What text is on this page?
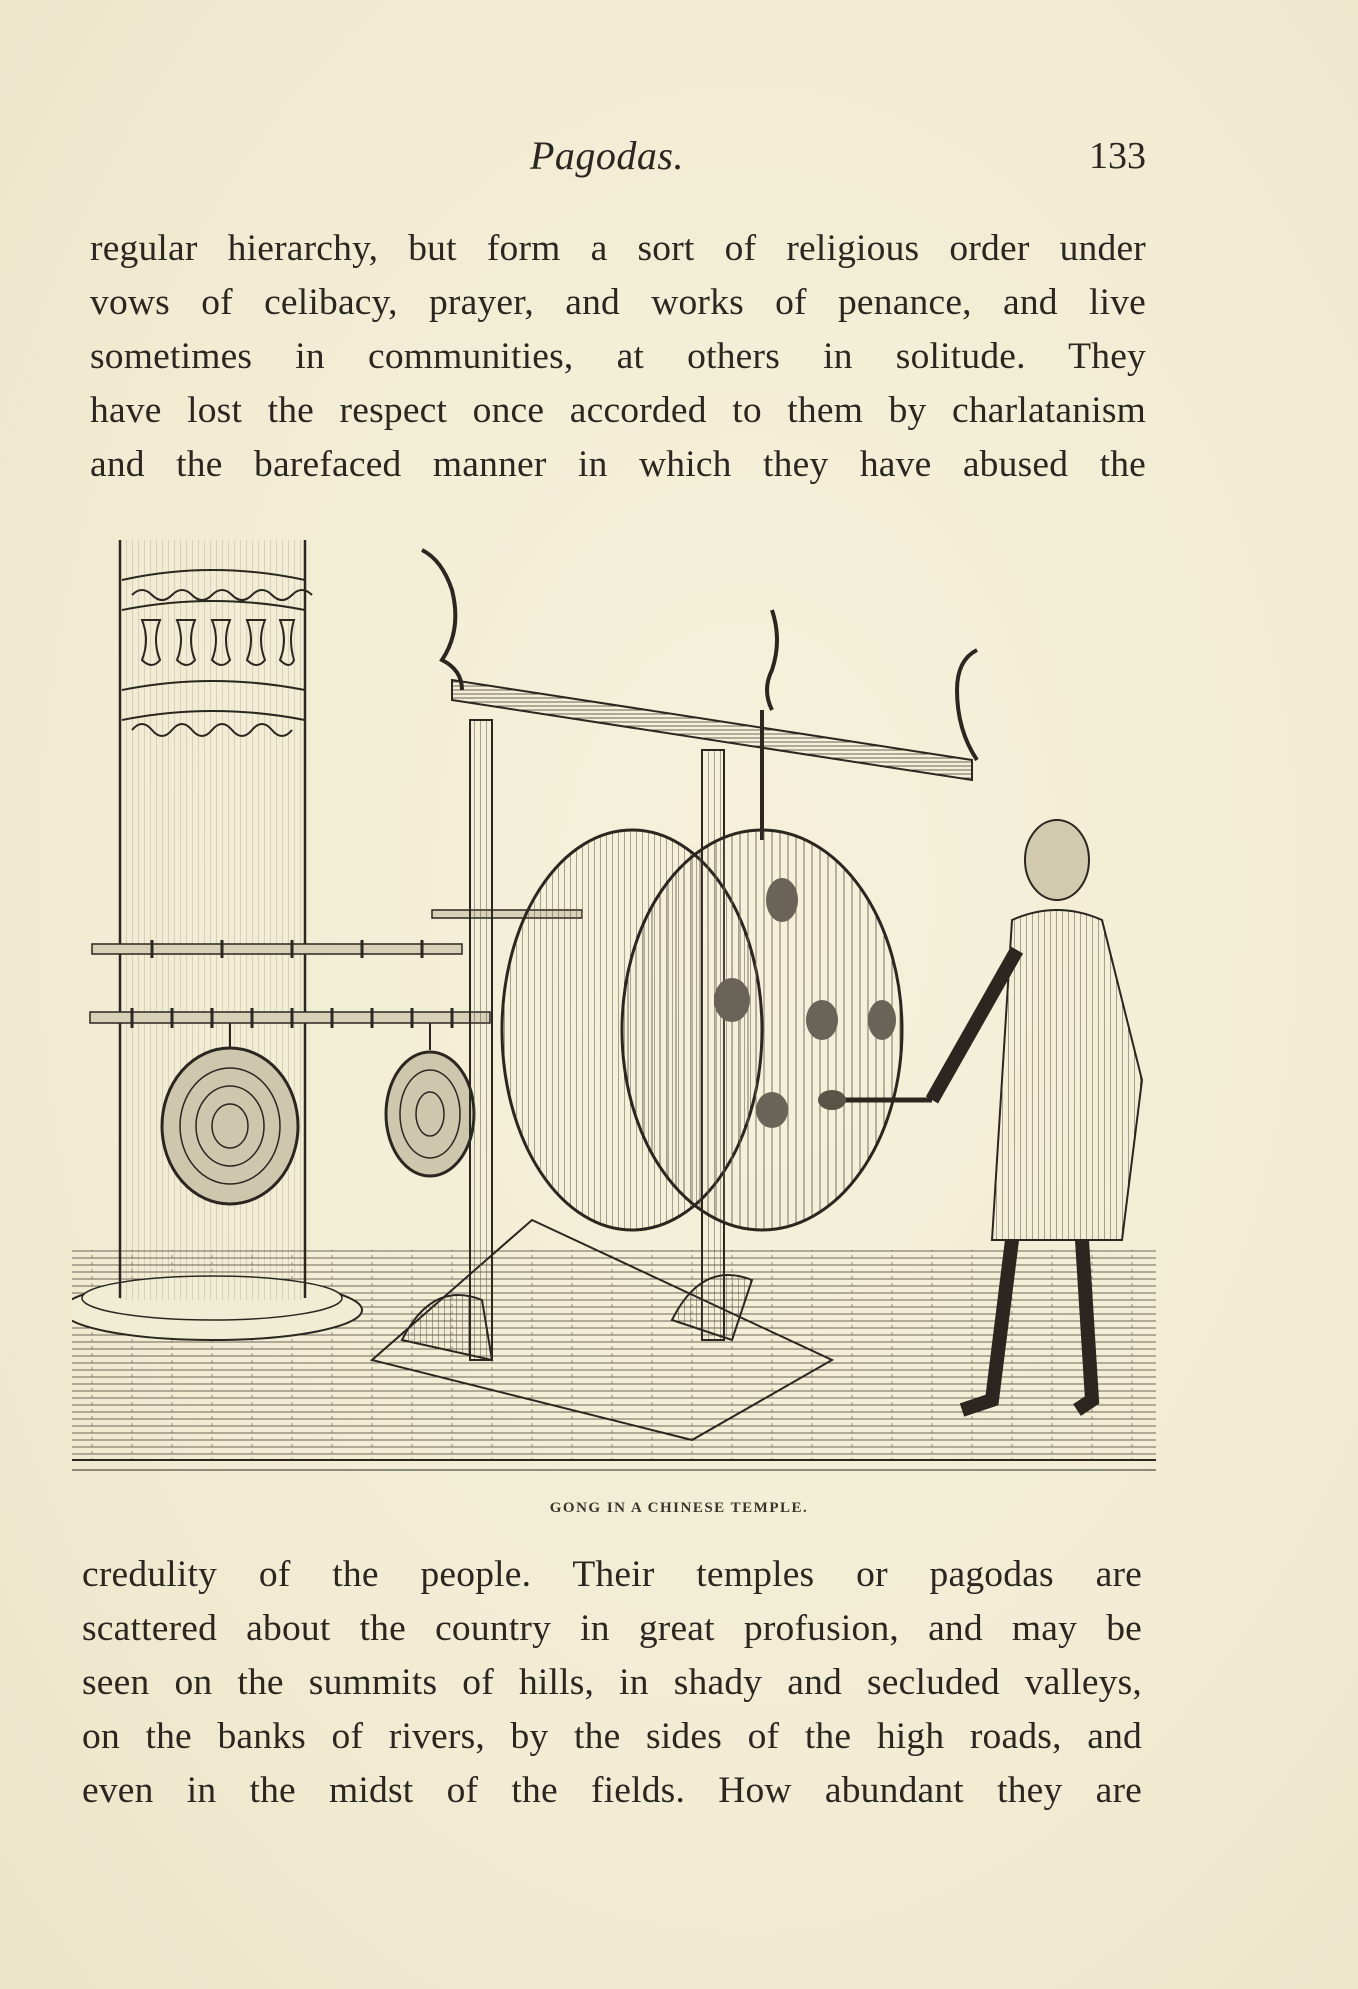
Pagodas.	133
regular hierarchy, but form a sort of religious order under
vows of celibacy, prayer, and works of penance, and live
sometimes in communities, at others in solitude. They
have lost the respect once accorded to them by charlatanism
and the barefaced manner in which they have abused the
GONG IN A CHINESE TEMPLE.
credulity of the people. Their temples or pagodas are
scattered about the country in great profusion, and may be
seen on the summits of hills, in shady and secluded valleys,
on the banks of rivers, by the sides of the high roads, and
even in the midst of the fields. How abundant they are
